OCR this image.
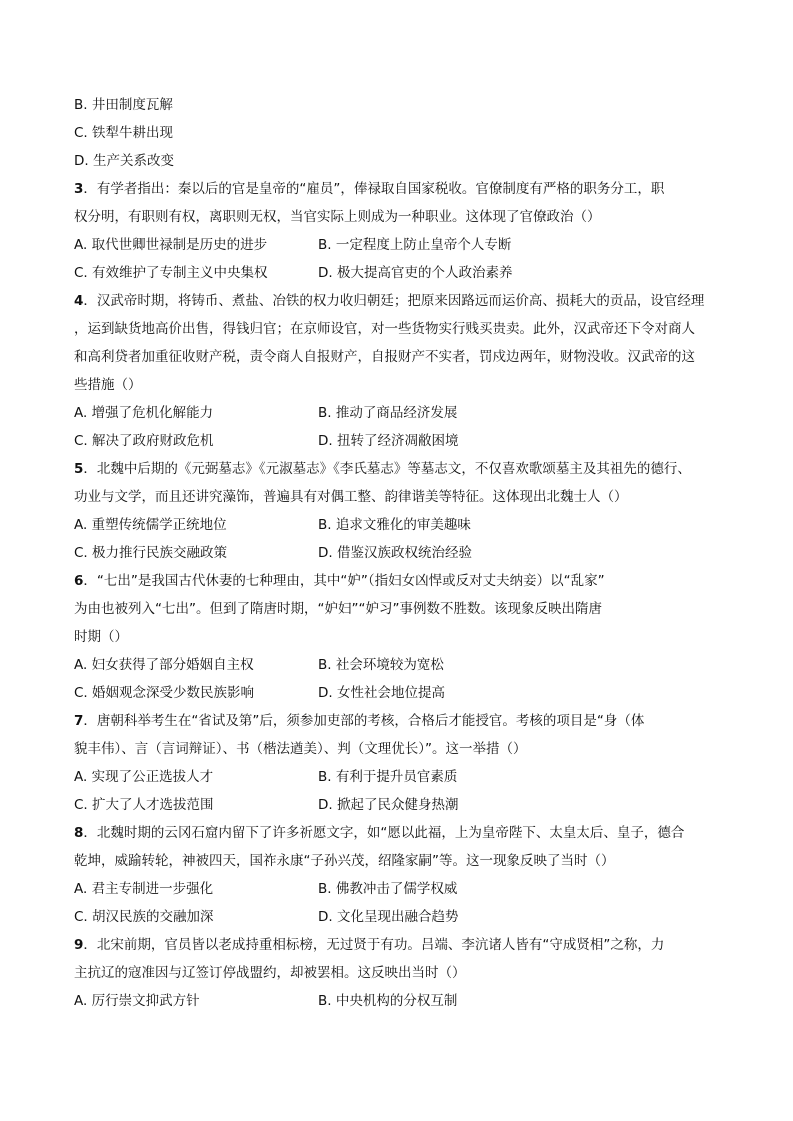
B. 井田制度瓦解
C. 铁犁牛耕出现
D. 生产关系改变
3．有学者指出：秦以后的官是皇帝的“雇员”，俸禄取自国家税收。官僚制度有严格的职务分工，职
权分明，有职则有权，离职则无权，当官实际上则成为一种职业。这体现了官僚政治（）
A. 取代世卿世禄制是历史的进步	B. 一定程度上防止皇帝个人专断
C. 有效维护了专制主义中央集权	D. 极大提高官吏的个人政治素养
4．汉武帝时期，将铸币、煮盐、冶铁的权力收归朝廷；把原来因路远而运价高、损耗大的贡品，设官经理
，运到缺货地高价出售，得钱归官；在京师设官，对一些货物实行贱买贵卖。此外，汉武帝还下令对商人
和高利贷者加重征收财产税，责令商人自报财产，自报财产不实者，罚戍边两年，财物没收。汉武帝的这
些措施（）
A. 增强了危机化解能力	B. 推动了商品经济发展
C. 解决了政府财政危机	D. 扭转了经济凋敝困境
5．北魏中后期的《元弼墓志》《元淑墓志》《李氏墓志》等墓志文，不仅喜欢歌颂墓主及其祖先的德行、
功业与文学，而且还讲究藻饰，普遍具有对偶工整、韵律谐美等特征。这体现出北魏士人（）
A. 重塑传统儒学正统地位	B. 追求文雅化的审美趣味
C. 极力推行民族交融政策	D. 借鉴汉族政权统治经验
6．“七出”是我国古代休妻的七种理由，其中“妒”（指妇女凶悍或反对丈夫纳妾）以“乱家”
为由也被列入“七出”。但到了隋唐时期，“妒妇”“妒习”事例数不胜数。该现象反映出隋唐
时期（）
A. 妇女获得了部分婚姻自主权	B. 社会环境较为宽松
C. 婚姻观念深受少数民族影响	D. 女性社会地位提高
7．唐朝科举考生在“省试及第”后，须参加吏部的考核，合格后才能授官。考核的项目是“身（体
貌丰伟）、言（言词辩证）、书（楷法遒美）、判（文理优长）”。这一举措（）
A. 实现了公正选拔人才	B. 有利于提升员官素质
C. 扩大了人才选拔范围	D. 掀起了民众健身热潮
8．北魏时期的云冈石窟内留下了许多祈愿文字，如“愿以此福，上为皇帝陛下、太皇太后、皇子，德合
乾坤，威踰转轮，神被四天，国祚永康“子孙兴茂，绍隆家嗣”等。这一现象反映了当时（）
A. 君主专制进一步强化	B. 佛教冲击了儒学权威
C. 胡汉民族的交融加深	D. 文化呈现出融合趋势
9．北宋前期，官员皆以老成持重相标榜，无过贤于有功。吕端、李沆诸人皆有“守成贤相”之称，力
主抗辽的寇准因与辽签订停战盟约，却被罢相。这反映出当时（）
A. 厉行崇文抑武方针	B. 中央机构的分权互制
